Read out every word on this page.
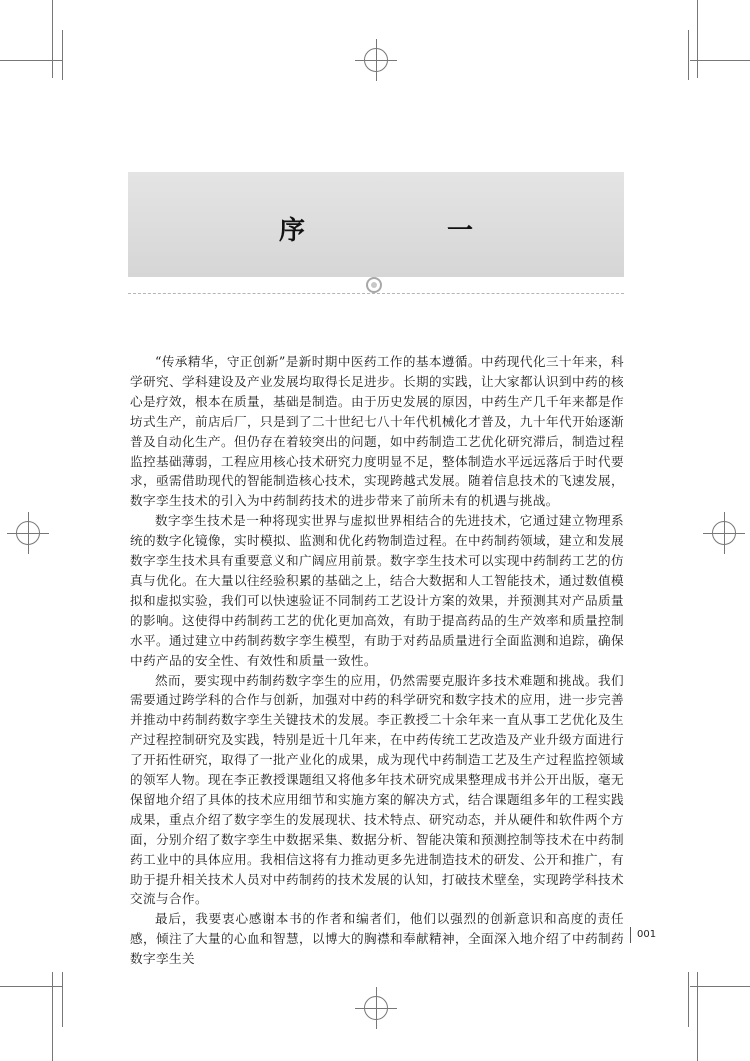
序　一

“传承精华，守正创新”是新时期中医药工作的基本遵循。中药现代化三十年来，科学研究、学科建设及产业发展均取得长足进步。长期的实践，让大家都认识到中药的核心是疗效，根本在质量，基础是制造。由于历史发展的原因，中药生产几千年来都是作坊式生产，前店后厂，只是到了二十世纪七八十年代机械化才普及，九十年代开始逐渐普及自动化生产。但仍存在着较突出的问题，如中药制造工艺优化研究滞后，制造过程监控基础薄弱，工程应用核心技术研究力度明显不足，整体制造水平远远落后于时代要求，亟需借助现代的智能制造核心技术，实现跨越式发展。随着信息技术的飞速发展，数字孪生技术的引入为中药制药技术的进步带来了前所未有的机遇与挑战。

数字孪生技术是一种将现实世界与虚拟世界相结合的先进技术，它通过建立物理系统的数字化镜像，实时模拟、监测和优化药物制造过程。在中药制药领域，建立和发展数字孪生技术具有重要意义和广阔应用前景。数字孪生技术可以实现中药制药工艺的仿真与优化。在大量以往经验积累的基础之上，结合大数据和人工智能技术，通过数值模拟和虚拟实验，我们可以快速验证不同制药工艺设计方案的效果，并预测其对产品质量的影响。这使得中药制药工艺的优化更加高效，有助于提高药品的生产效率和质量控制水平。通过建立中药制药数字孪生模型，有助于对药品质量进行全面监测和追踪，确保中药产品的安全性、有效性和质量一致性。

然而，要实现中药制药数字孪生的应用，仍然需要克服许多技术难题和挑战。我们需要通过跨学科的合作与创新，加强对中药的科学研究和数字技术的应用，进一步完善并推动中药制药数字孪生关键技术的发展。李正教授二十余年来一直从事工艺优化及生产过程控制研究及实践，特别是近十几年来，在中药传统工艺改造及产业升级方面进行了开拓性研究，取得了一批产业化的成果，成为现代中药制造工艺及生产过程监控领域的领军人物。现在李正教授课题组又将他多年技术研究成果整理成书并公开出版，毫无保留地介绍了具体的技术应用细节和实施方案的解决方式，结合课题组多年的工程实践成果，重点介绍了数字孪生的发展现状、技术特点、研究动态，并从硬件和软件两个方面，分别介绍了数字孪生中数据采集、数据分析、智能决策和预测控制等技术在中药制药工业中的具体应用。我相信这将有力推动更多先进制造技术的研发、公开和推广，有助于提升相关技术人员对中药制药的技术发展的认知，打破技术壁垒，实现跨学科技术交流与合作。

最后，我要衷心感谢本书的作者和编者们，他们以强烈的创新意识和高度的责任感，倾注了大量的心血和智慧，以博大的胸襟和奉献精神，全面深入地介绍了中药制药数字孪生关

001
